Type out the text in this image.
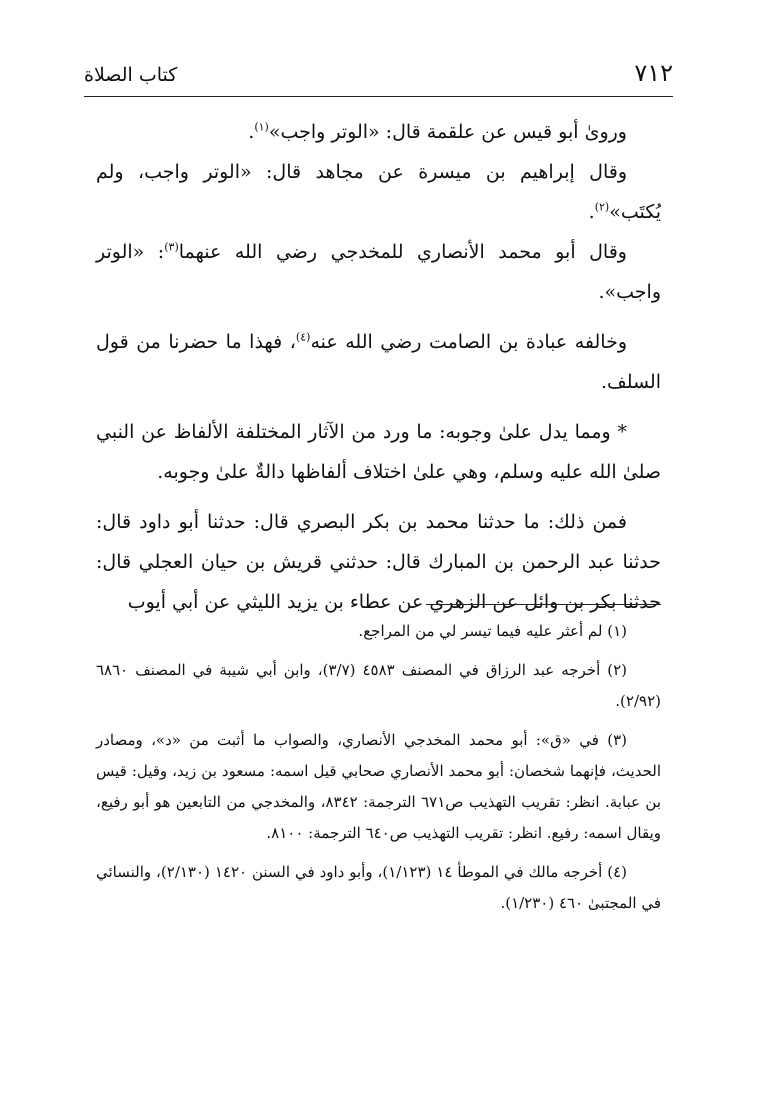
٧١٢
كتاب الصلاة

وروىٰ أبو قيس عن علقمة قال: «الوتر واجب»$^{(١)}$.

وقال إبراهيم بن ميسرة عن مجاهد قال: «الوتر واجب، ولم يُكتَب»$^{(٢)}$.

وقال أبو محمد الأنصاري للمخدجي رضي الله عنهما$^{(٣)}$: «الوتر واجب».

وخالفه عبادة بن الصامت رضي الله عنه$^{(٤)}$، فهذا ما حضرنا من قول السلف.

* ومما يدل علىٰ وجوبه: ما ورد من الآثار المختلفة الألفاظ عن النبي صلىٰ الله عليه وسلم، وهي علىٰ اختلاف ألفاظها دالةٌ علىٰ وجوبه.

فمن ذلك: ما حدثنا محمد بن بكر البصري قال: حدثنا أبو داود قال: حدثنا عبد الرحمن بن المبارك قال: حدثني قريش بن حيان العجلي قال: حدثنا بكر بن وائل عن الزهري عن عطاء بن يزيد الليثي عن أبي أيوب

(١) لم أعثر عليه فيما تيسر لي من المراجع.

(٢) أخرجه عبد الرزاق في المصنف ٤٥٨٣ (٣/٧)، وابن أبي شيبة في المصنف ٦٨٦٠ (٢/٩٢).

(٣) في «ق»: أبو محمد المخدجي الأنصاري، والصواب ما أثبت من «د»، ومصادر الحديث، فإنهما شخصان: أبو محمد الأنصاري صحابي قيل اسمه: مسعود بن زيد، وقيل: قيس بن عبابة. انظر: تقريب التهذيب ص٦٧١ الترجمة: ٨٣٤٢، والمخدجي من التابعين هو أبو رفيع، ويقال اسمه: رفيع. انظر: تقريب التهذيب ص٦٤٠ الترجمة: ٨١٠٠.

(٤) أخرجه مالك في الموطأ ١٤ (١/١٢٣)، وأبو داود في السنن ١٤٢٠ (٢/١٣٠)، والنسائي في المجتبىٰ ٤٦٠ (١/٢٣٠).
